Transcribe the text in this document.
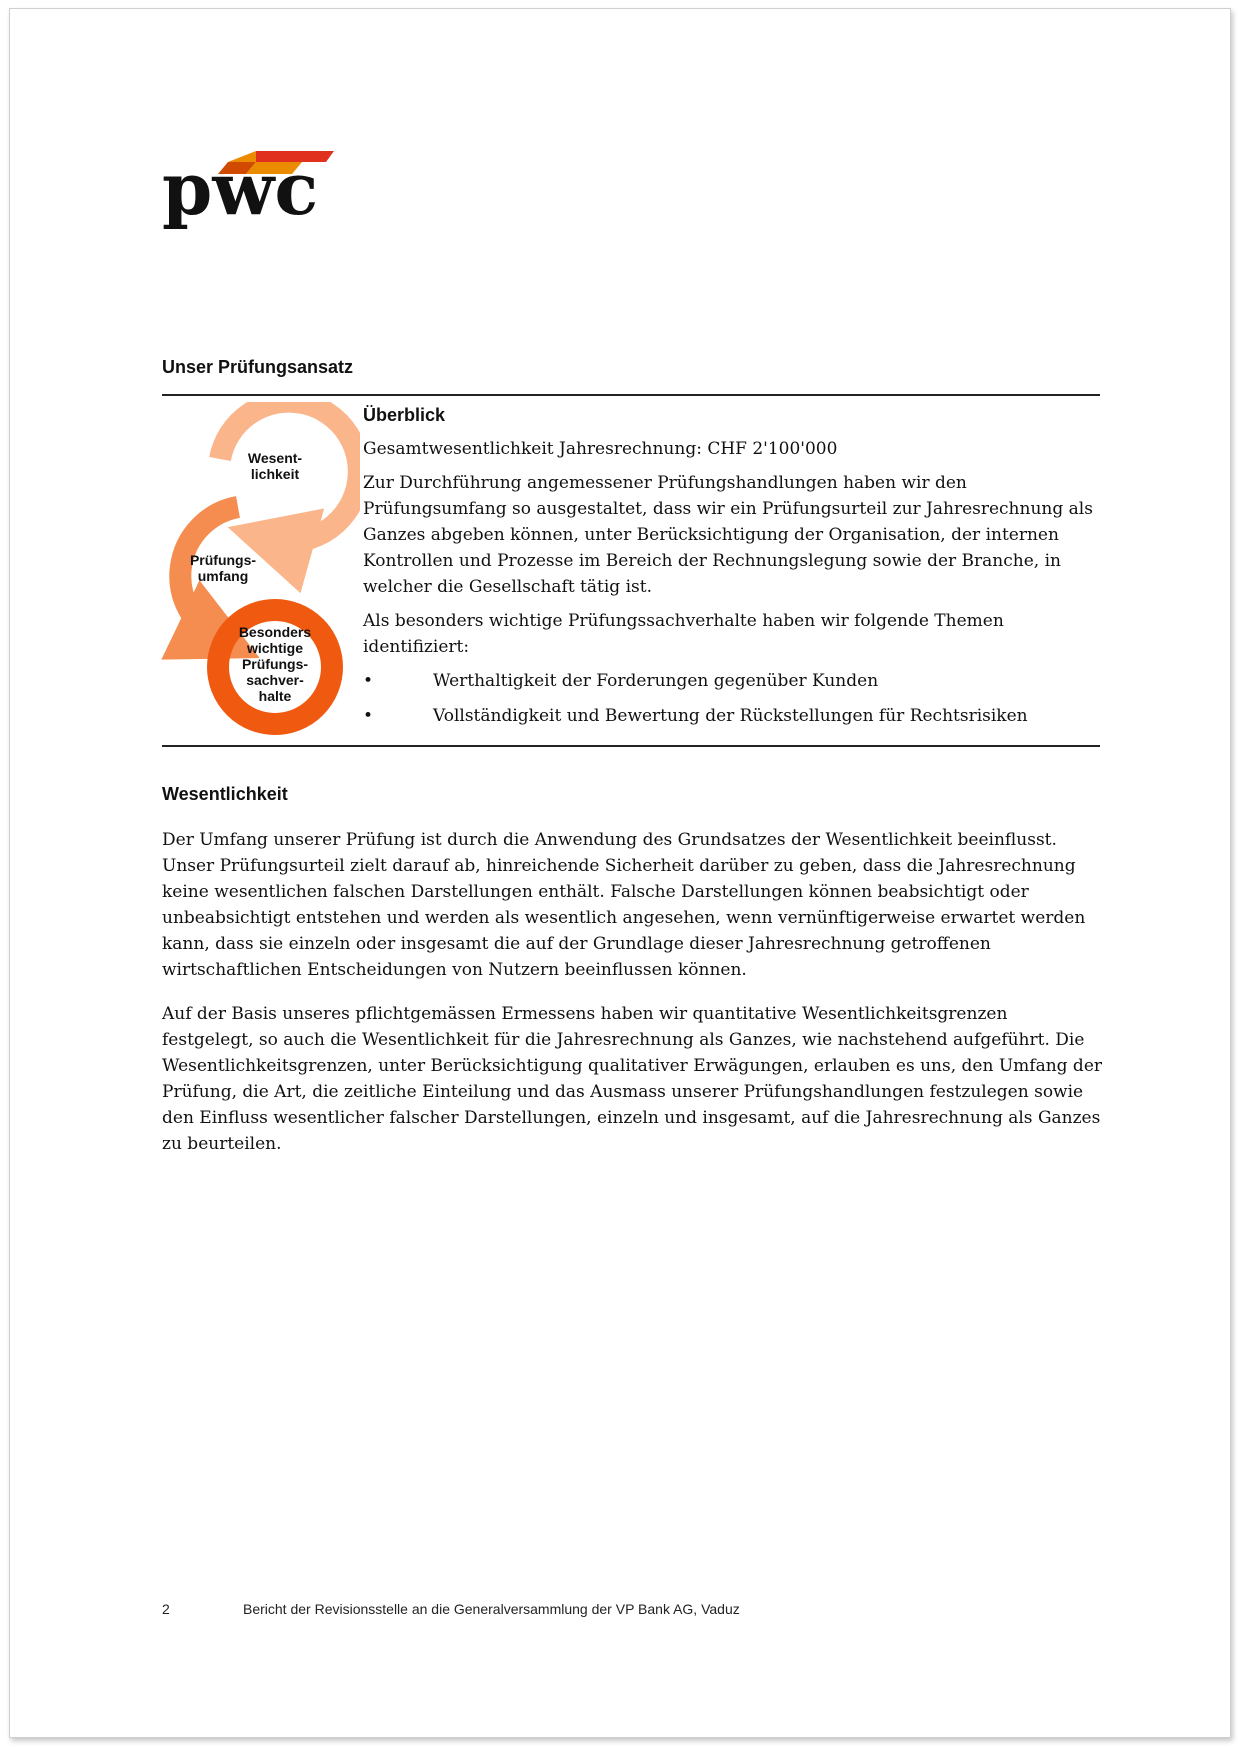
pwc
Unser Prüfungsansatz
Wesent-
lichkeit
Prüfungs-
umfang
Besonders
wichtige
Prüfungs-
sachver-
halte
Überblick

Gesamtwesentlichkeit Jahresrechnung: CHF 2'100'000

Zur Durchführung angemessener Prüfungshandlungen haben wir den Prüfungsumfang so ausgestaltet, dass wir ein Prüfungsurteil zur Jahresrechnung als Ganzes abgeben können, unter Berücksichtigung der Organisation, der internen Kontrollen und Prozesse im Bereich der Rechnungslegung sowie der Branche, in welcher die Gesellschaft tätig ist.

Als besonders wichtige Prüfungssachverhalte haben wir folgende Themen identifiziert:

•	Werthaltigkeit der Forderungen gegenüber Kunden
•	Vollständigkeit und Bewertung der Rückstellungen für Rechtsrisiken
Wesentlichkeit

Der Umfang unserer Prüfung ist durch die Anwendung des Grundsatzes der Wesentlichkeit beeinflusst. Unser Prüfungsurteil zielt darauf ab, hinreichende Sicherheit darüber zu geben, dass die Jahresrechnung keine wesentlichen falschen Darstellungen enthält. Falsche Darstellungen können beabsichtigt oder unbeabsichtigt entstehen und werden als wesentlich angesehen, wenn vernünftigerweise erwartet werden kann, dass sie einzeln oder insgesamt die auf der Grundlage dieser Jahresrechnung getroffenen wirtschaftlichen Entscheidungen von Nutzern beeinflussen können.

Auf der Basis unseres pflichtgemässen Ermessens haben wir quantitative Wesentlichkeitsgrenzen festgelegt, so auch die Wesentlichkeit für die Jahresrechnung als Ganzes, wie nachstehend aufgeführt. Die Wesentlichkeitsgrenzen, unter Berücksichtigung qualitativer Erwägungen, erlauben es uns, den Umfang der Prüfung, die Art, die zeitliche Einteilung und das Ausmass unserer Prüfungshandlungen festzulegen sowie den Einfluss wesentlicher falscher Darstellungen, einzeln und insgesamt, auf die Jahresrechnung als Ganzes zu beurteilen.

2	Bericht der Revisionsstelle an die Generalversammlung der VP Bank AG, Vaduz
